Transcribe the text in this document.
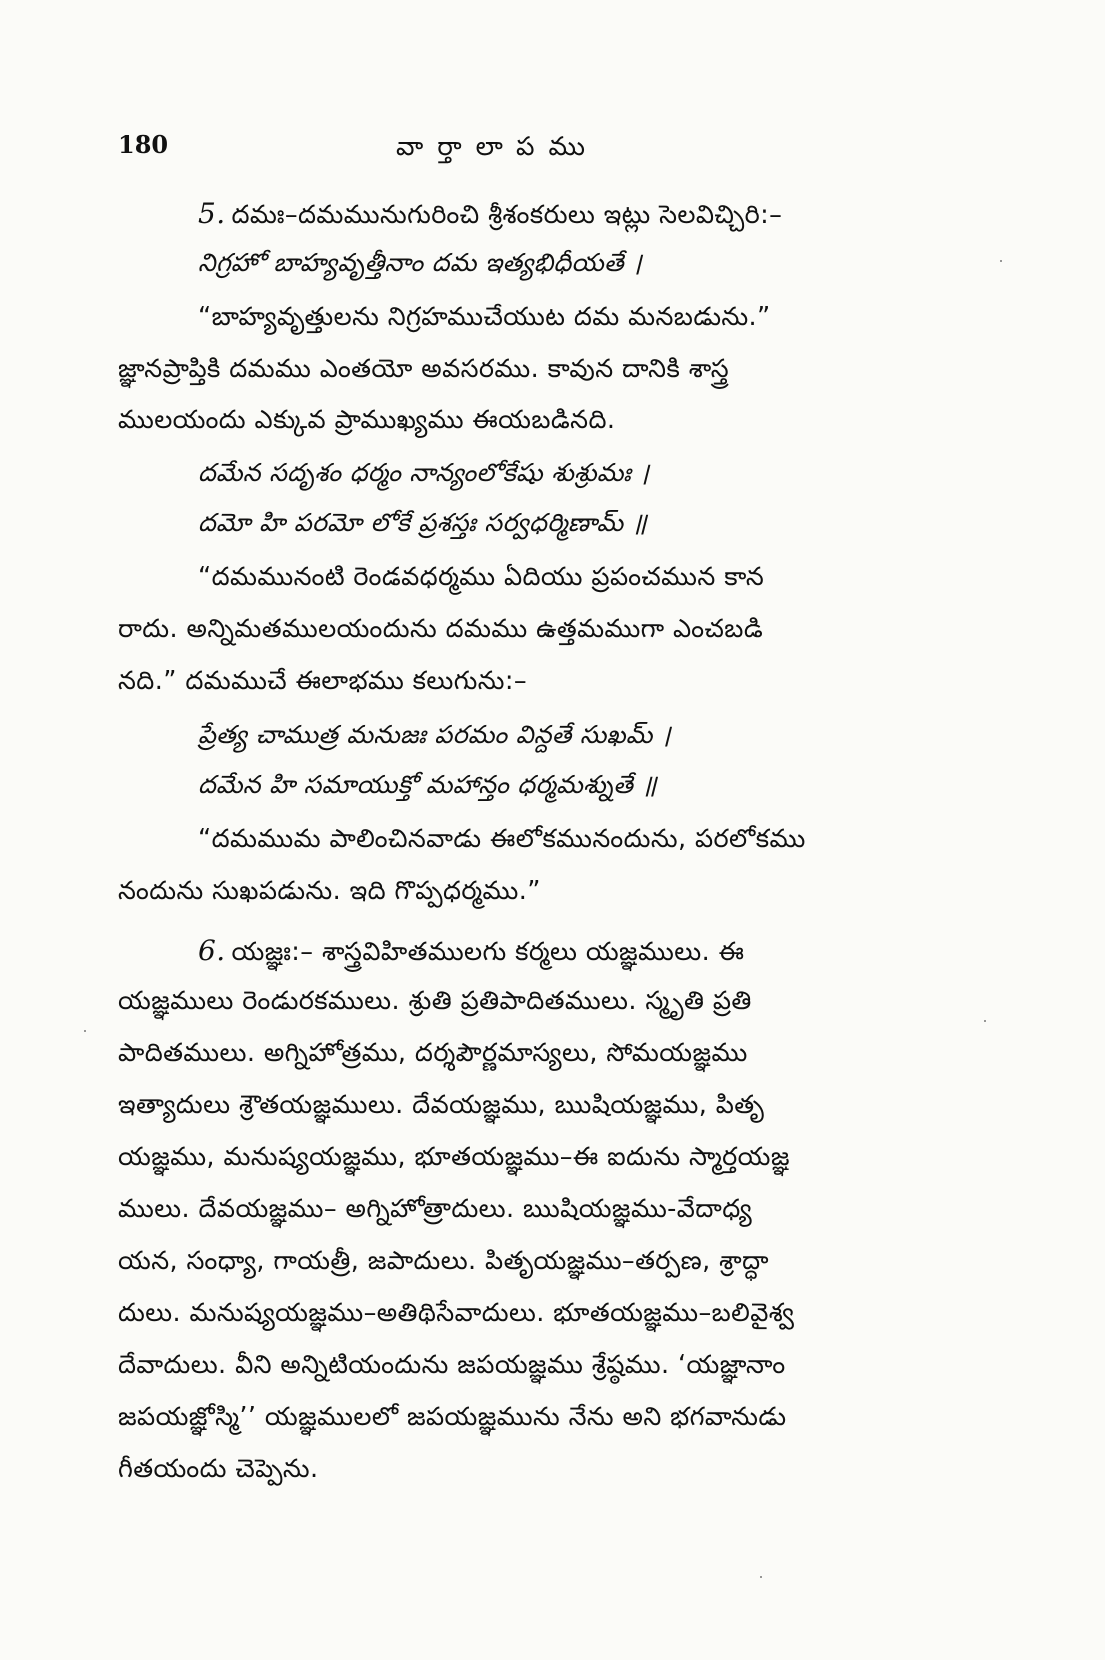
180	వార్తాలాపము
5. దమః–దమమునుగురించి శ్రీశంకరులు ఇట్లు సెలవిచ్చిరి:–
నిగ్రహో బాహ్యవృత్తీనాం దమ ఇత్యభిధీయతే ।
“బాహ్యవృత్తులను నిగ్రహముచేయుట దమ మనబడును.”
జ్ఞానప్రాప్తికి దమము ఎంతయో అవసరము. కావున దానికి శాస్త్ర
ములయందు ఎక్కువ ప్రాముఖ్యము ఈయబడినది.
దమేన సదృశం ధర్మం నాన్యంలోకేషు శుశ్రుమః ।
దమో హి పరమో లోకే ప్రశస్తః సర్వధర్మిణామ్ ॥
“దమమునంటి రెండవధర్మము ఏదియు ప్రపంచమున కాన
రాదు. అన్నిమతములయందును దమము ఉత్తమముగా ఎంచబడి
నది.” దమముచే ఈలాభము కలుగును:–
ప్రేత్య చాముత్ర మనుజః పరమం విన్దతే సుఖమ్ ।
దమేన హి సమాయుక్తో మహాన్తం ధర్మమశ్నుతే ॥
“దమముమ పాలించినవాడు ఈలోకమునందును, పరలోకము
నందును సుఖపడును. ఇది గొప్పధర్మము.”
6. యజ్ఞః:– శాస్త్రవిహితములగు కర్మలు యజ్ఞములు. ఈ
యజ్ఞములు రెండురకములు. శ్రుతి ప్రతిపాదితములు. స్మృతి ప్రతి
పాదితములు. అగ్నిహోత్రము, దర్శపౌర్ణమాస్యలు, సోమయజ్ఞము
ఇత్యాదులు శ్రౌతయజ్ఞములు. దేవయజ్ఞము, ఋషియజ్ఞము, పితృ
యజ్ఞము, మనుష్యయజ్ఞము, భూతయజ్ఞము–ఈ ఐదును స్మార్తయజ్ఞ
ములు. దేవయజ్ఞము– అగ్నిహోత్రాదులు. ఋషియజ్ఞము-వేదాధ్య
యన, సంధ్యా, గాయత్రీ, జపాదులు. పితృయజ్ఞము–తర్పణ, శ్రాద్ధా
దులు. మనుష్యయజ్ఞము–అతిథిసేవాదులు. భూతయజ్ఞము–బలివైశ్వ
దేవాదులు. వీని అన్నిటియందును జపయజ్ఞము శ్రేష్ఠము. ‘యజ్ఞానాం
జపయజ్ఞోస్మి’’ యజ్ఞములలో జపయజ్ఞమును నేను అని భగవానుడు
గీతయందు చెప్పెను.
